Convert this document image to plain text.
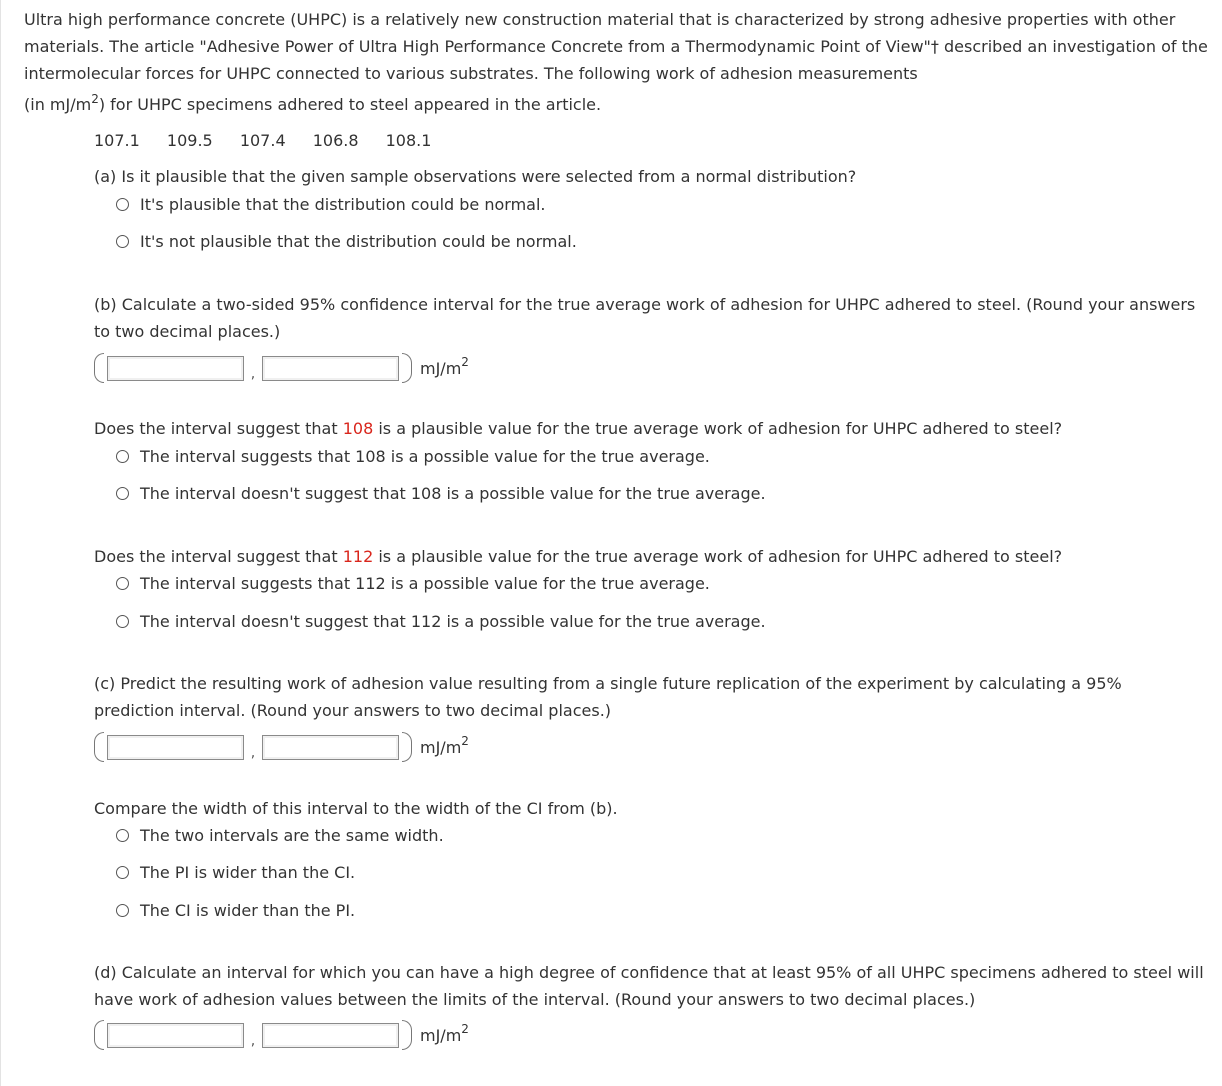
Ultra high performance concrete (UHPC) is a relatively new construction material that is characterized by strong adhesive properties with other materials. The article "Adhesive Power of Ultra High Performance Concrete from a Thermodynamic Point of View"† described an investigation of the intermolecular forces for UHPC connected to various substrates. The following work of adhesion measurements
(in $mJ/m^2$) for UHPC specimens adhered to steel appeared in the article.
107.1 109.5 107.4 106.8 108.1
(a) Is it plausible that the given sample observations were selected from a normal distribution?
It's plausible that the distribution could be normal.
It's not plausible that the distribution could be normal.
(b) Calculate a two-sided 95% confidence interval for the true average work of adhesion for UHPC adhered to steel. (Round your answers to two decimal places.)
,	$mJ/m^2$
Does the interval suggest that 108 is a plausible value for the true average work of adhesion for UHPC adhered to steel?
The interval suggests that 108 is a possible value for the true average.
The interval doesn't suggest that 108 is a possible value for the true average.
Does the interval suggest that 112 is a plausible value for the true average work of adhesion for UHPC adhered to steel?
The interval suggests that 112 is a possible value for the true average.
The interval doesn't suggest that 112 is a possible value for the true average.
(c) Predict the resulting work of adhesion value resulting from a single future replication of the experiment by calculating a 95% prediction interval. (Round your answers to two decimal places.)
,	$mJ/m^2$
Compare the width of this interval to the width of the CI from (b).
The two intervals are the same width.
The PI is wider than the CI.
The CI is wider than the PI.
(d) Calculate an interval for which you can have a high degree of confidence that at least 95% of all UHPC specimens adhered to steel will have work of adhesion values between the limits of the interval. (Round your answers to two decimal places.)
,	$mJ/m^2$
